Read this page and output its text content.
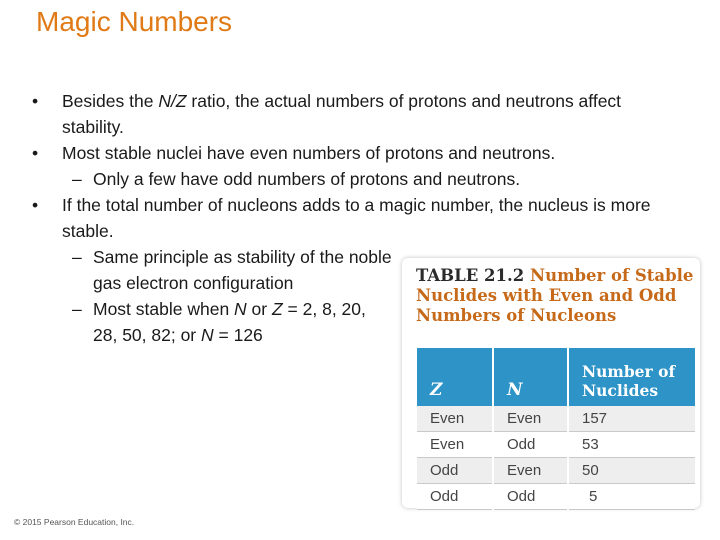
Magic Numbers
• Besides the N/Z ratio, the actual numbers of protons and neutrons affect stability.
• Most stable nuclei have even numbers of protons and neutrons.
– Only a few have odd numbers of protons and neutrons.
• If the total number of nucleons adds to a magic number, the nucleus is more stable.
– Same principle as stability of the noble gas electron configuration
– Most stable when N or Z = 2, 8, 20, 28, 50, 82; or N = 126
TABLE 21.2 Number of Stable Nuclides with Even and Odd Numbers of Nucleons
Z	N	Number of Nuclides
Even	Even	157
Even	Odd	53
Odd	Even	50
Odd	Odd	5
© 2015 Pearson Education, Inc.
